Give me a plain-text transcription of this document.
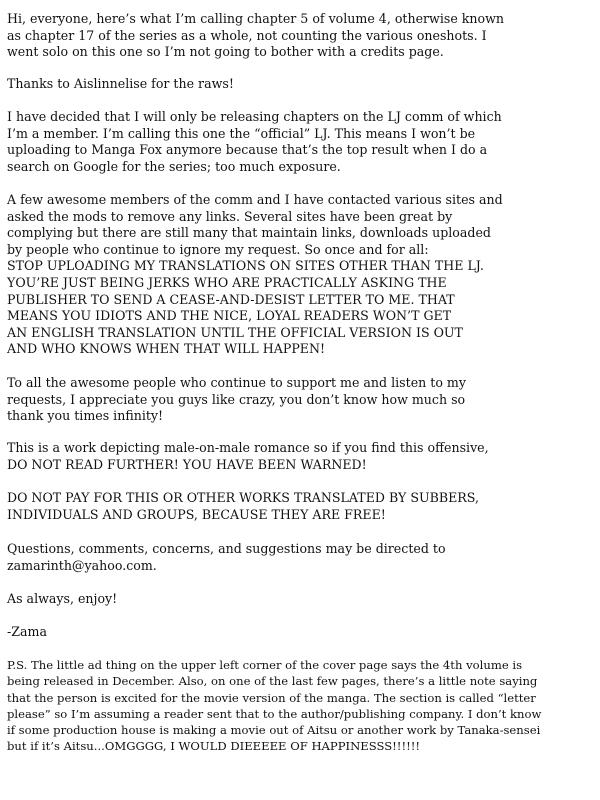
Hi, everyone, here’s what I’m calling chapter 5 of volume 4, otherwise known
as chapter 17 of the series as a whole, not counting the various oneshots. I
went solo on this one so I’m not going to bother with a credits page.

Thanks to Aislinnelise for the raws!

I have decided that I will only be releasing chapters on the LJ comm of which
I’m a member. I’m calling this one the “official” LJ. This means I won’t be
uploading to Manga Fox anymore because that’s the top result when I do a
search on Google for the series; too much exposure.

A few awesome members of the comm and I have contacted various sites and
asked the mods to remove any links. Several sites have been great by
complying but there are still many that maintain links, downloads uploaded
by people who continue to ignore my request. So once and for all:
STOP UPLOADING MY TRANSLATIONS ON SITES OTHER THAN THE LJ.
YOU’RE JUST BEING JERKS WHO ARE PRACTICALLY ASKING THE
PUBLISHER TO SEND A CEASE-AND-DESIST LETTER TO ME. THAT
MEANS YOU IDIOTS AND THE NICE, LOYAL READERS WON’T GET
AN ENGLISH TRANSLATION UNTIL THE OFFICIAL VERSION IS OUT
AND WHO KNOWS WHEN THAT WILL HAPPEN!

To all the awesome people who continue to support me and listen to my
requests, I appreciate you guys like crazy, you don’t know how much so
thank you times infinity!

This is a work depicting male-on-male romance so if you find this offensive,
DO NOT READ FURTHER! YOU HAVE BEEN WARNED!

DO NOT PAY FOR THIS OR OTHER WORKS TRANSLATED BY SUBBERS,
INDIVIDUALS AND GROUPS, BECAUSE THEY ARE FREE!

Questions, comments, concerns, and suggestions may be directed to
zamarinth@yahoo.com.

As always, enjoy!

-Zama

P.S. The little ad thing on the upper left corner of the cover page says the 4th volume is
being released in December. Also, on one of the last few pages, there’s a little note saying
that the person is excited for the movie version of the manga. The section is called “letter
please” so I’m assuming a reader sent that to the author/publishing company. I don’t know
if some production house is making a movie out of Aitsu or another work by Tanaka-sensei
but if it’s Aitsu...OMGGGG, I WOULD DIEEEEE OF HAPPINESSS!!!!!!
